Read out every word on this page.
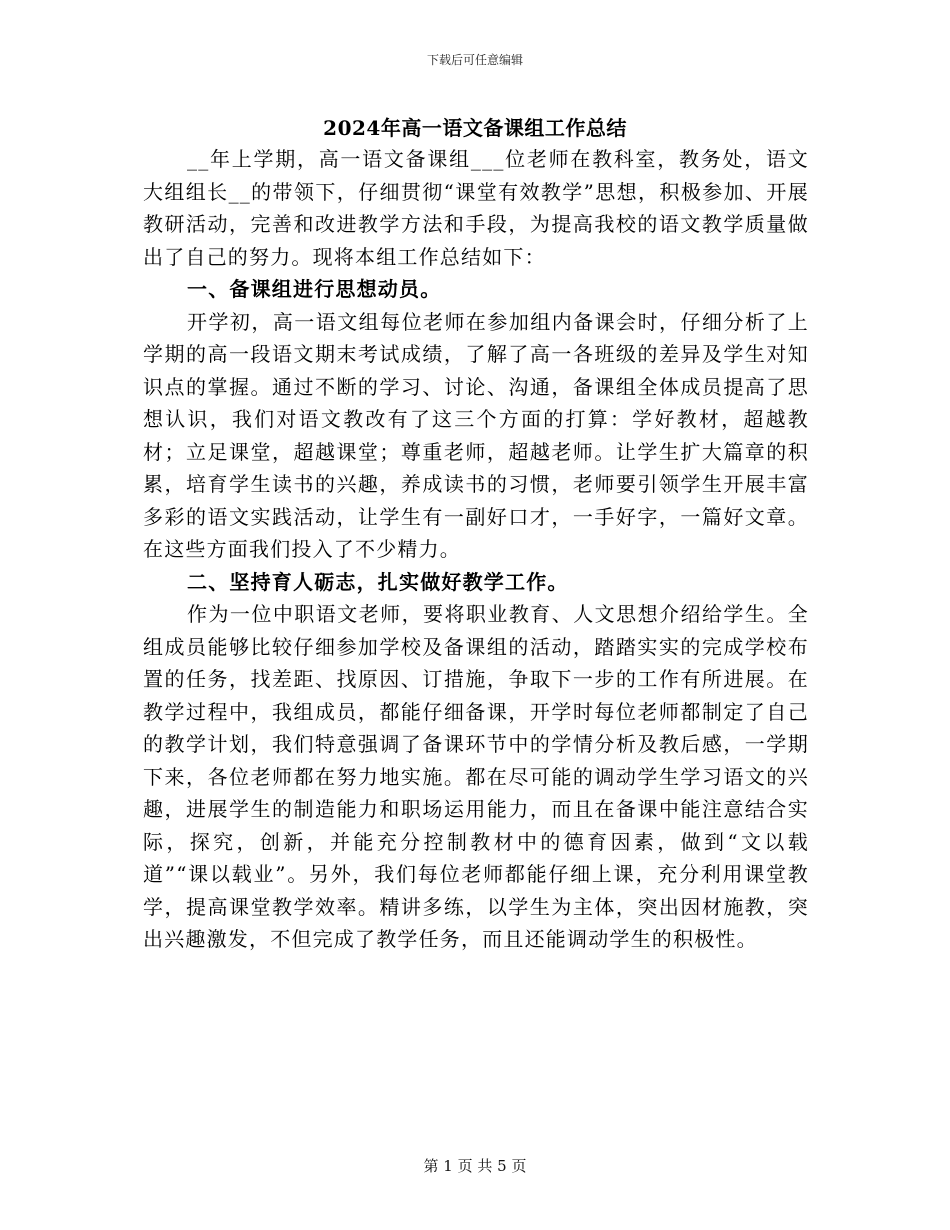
下载后可任意编辑
2024年高一语文备课组工作总结

__年上学期，高一语文备课组___位老师在教科室，教务处，语文大组组长__的带领下，仔细贯彻“课堂有效教学”思想，积极参加、开展教研活动，完善和改进教学方法和手段，为提高我校的语文教学质量做出了自己的努力。现将本组工作总结如下：

一、备课组进行思想动员。

开学初，高一语文组每位老师在参加组内备课会时，仔细分析了上学期的高一段语文期末考试成绩，了解了高一各班级的差异及学生对知识点的掌握。通过不断的学习、讨论、沟通，备课组全体成员提高了思想认识，我们对语文教改有了这三个方面的打算：学好教材，超越教材；立足课堂，超越课堂；尊重老师，超越老师。让学生扩大篇章的积累，培育学生读书的兴趣，养成读书的习惯，老师要引领学生开展丰富多彩的语文实践活动，让学生有一副好口才，一手好字，一篇好文章。在这些方面我们投入了不少精力。

二、坚持育人砺志，扎实做好教学工作。

作为一位中职语文老师，要将职业教育、人文思想介绍给学生。全组成员能够比较仔细参加学校及备课组的活动，踏踏实实的完成学校布置的任务，找差距、找原因、订措施，争取下一步的工作有所进展。在教学过程中，我组成员，都能仔细备课，开学时每位老师都制定了自己的教学计划，我们特意强调了备课环节中的学情分析及教后感，一学期下来，各位老师都在努力地实施。都在尽可能的调动学生学习语文的兴趣，进展学生的制造能力和职场运用能力，而且在备课中能注意结合实际，探究，创新，并能充分控制教材中的德育因素，做到“文以载道”“课以载业”。另外，我们每位老师都能仔细上课，充分利用课堂教学，提高课堂教学效率。精讲多练，以学生为主体，突出因材施教，突出兴趣激发，不但完成了教学任务，而且还能调动学生的积极性。

第 1 页 共 5 页
